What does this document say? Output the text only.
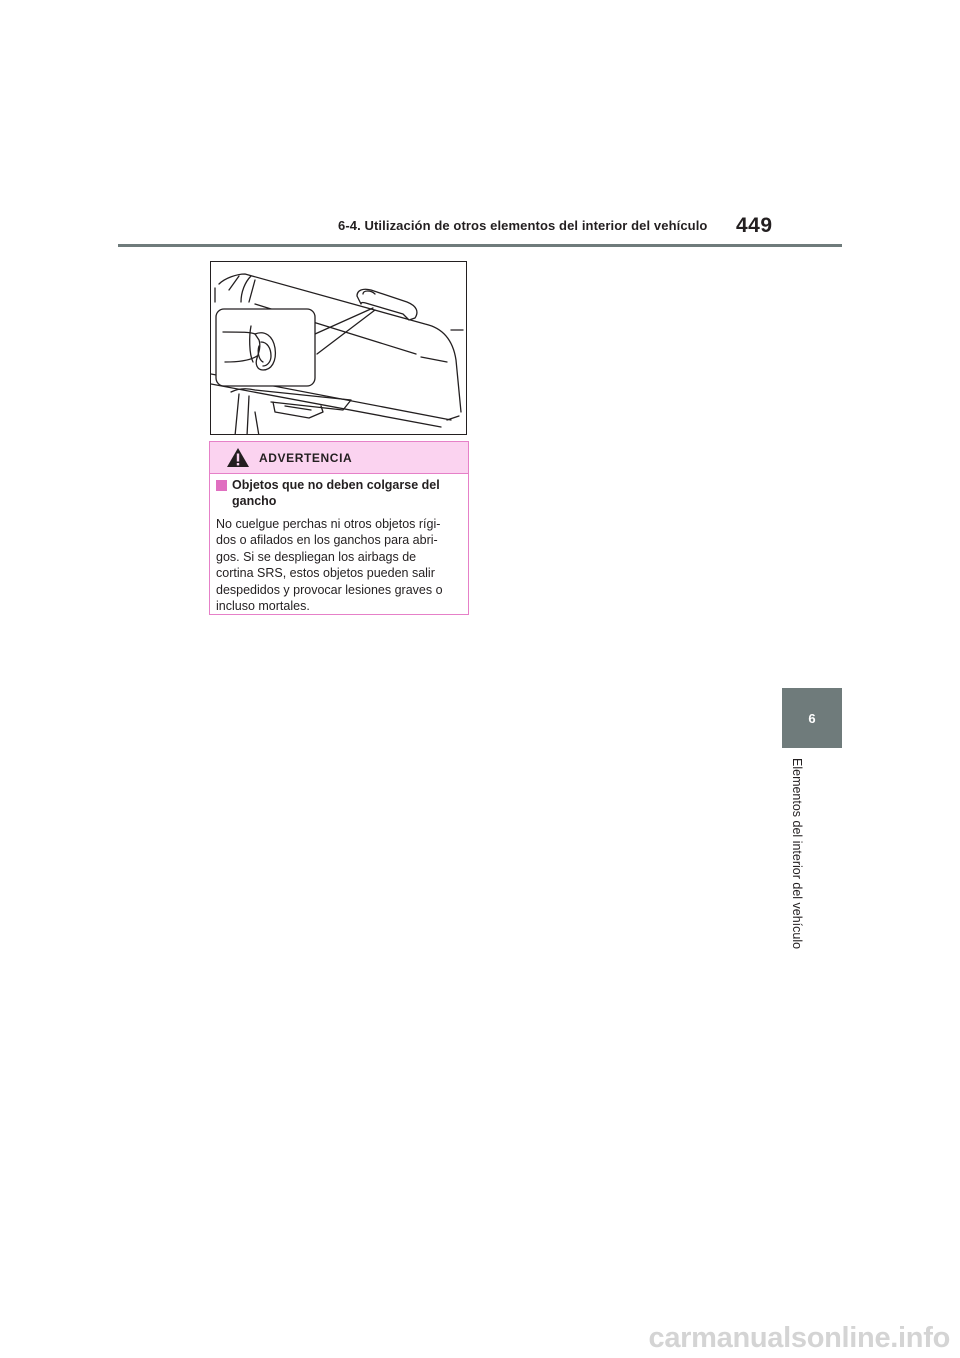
6-4. Utilización de otros elementos del interior del vehículo 449
ADVERTENCIA
Objetos que no deben colgarse del gancho
No cuelgue perchas ni otros objetos rígi-
dos o afilados en los ganchos para abri-
gos. Si se despliegan los airbags de
cortina SRS, estos objetos pueden salir
despedidos y provocar lesiones graves o
incluso mortales.
6
Elementos del interior del vehículo
carmanualsonline.info
